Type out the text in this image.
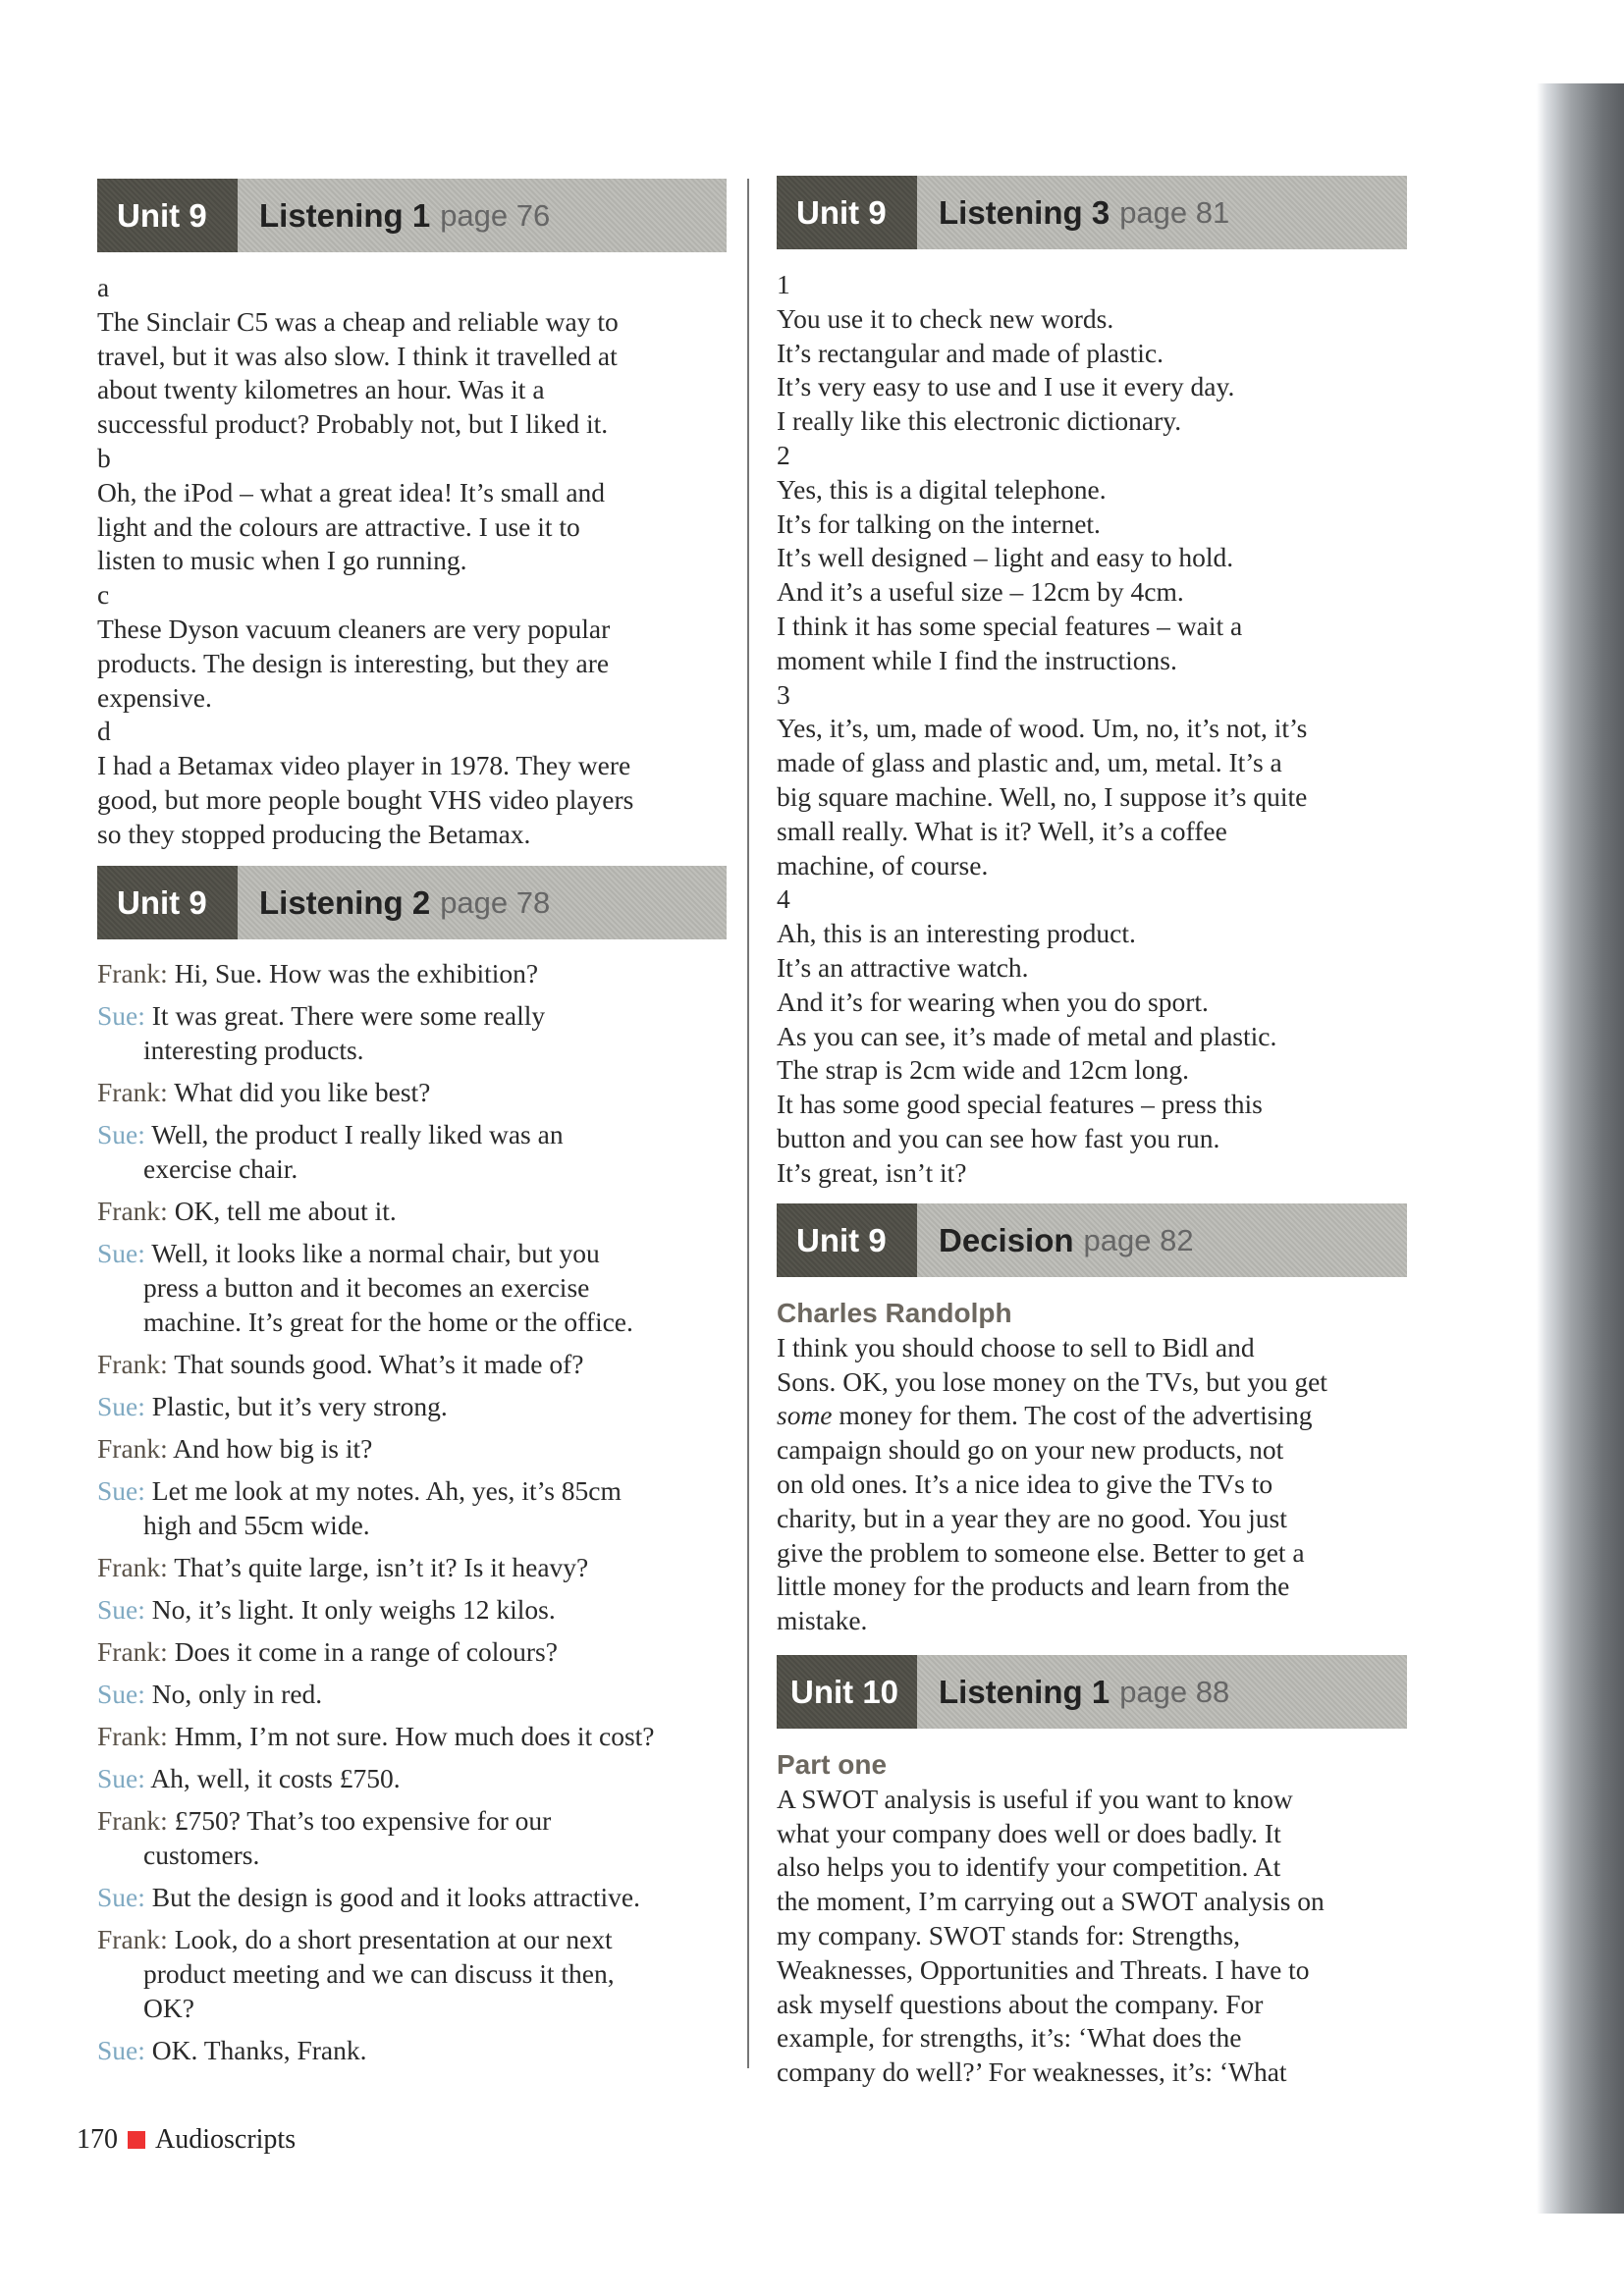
Unit 9	Listening 1 page 76
a
The Sinclair C5 was a cheap and reliable way to
travel, but it was also slow. I think it travelled at
about twenty kilometres an hour. Was it a
successful product? Probably not, but I liked it.
b
Oh, the iPod – what a great idea! It’s small and
light and the colours are attractive. I use it to
listen to music when I go running.
c
These Dyson vacuum cleaners are very popular
products. The design is interesting, but they are
expensive.
d
I had a Betamax video player in 1978. They were
good, but more people bought VHS video players
so they stopped producing the Betamax.
Unit 9	Listening 2 page 78
Frank: Hi, Sue. How was the exhibition?
Sue: It was great. There were some really
interesting products.
Frank: What did you like best?
Sue: Well, the product I really liked was an
exercise chair.
Frank: OK, tell me about it.
Sue: Well, it looks like a normal chair, but you
press a button and it becomes an exercise
machine. It’s great for the home or the office.
Frank: That sounds good. What’s it made of?
Sue: Plastic, but it’s very strong.
Frank: And how big is it?
Sue: Let me look at my notes. Ah, yes, it’s 85cm
high and 55cm wide.
Frank: That’s quite large, isn’t it? Is it heavy?
Sue: No, it’s light. It only weighs 12 kilos.
Frank: Does it come in a range of colours?
Sue: No, only in red.
Frank: Hmm, I’m not sure. How much does it cost?
Sue: Ah, well, it costs £750.
Frank: £750? That’s too expensive for our
customers.
Sue: But the design is good and it looks attractive.
Frank: Look, do a short presentation at our next
product meeting and we can discuss it then,
OK?
Sue: OK. Thanks, Frank.
Unit 9	Listening 3 page 81
1
You use it to check new words.
It’s rectangular and made of plastic.
It’s very easy to use and I use it every day.
I really like this electronic dictionary.
2
Yes, this is a digital telephone.
It’s for talking on the internet.
It’s well designed – light and easy to hold.
And it’s a useful size – 12cm by 4cm.
I think it has some special features – wait a
moment while I find the instructions.
3
Yes, it’s, um, made of wood. Um, no, it’s not, it’s
made of glass and plastic and, um, metal. It’s a
big square machine. Well, no, I suppose it’s quite
small really. What is it? Well, it’s a coffee
machine, of course.
4
Ah, this is an interesting product.
It’s an attractive watch.
And it’s for wearing when you do sport.
As you can see, it’s made of metal and plastic.
The strap is 2cm wide and 12cm long.
It has some good special features – press this
button and you can see how fast you run.
It’s great, isn’t it?
Unit 9	Decision page 82
Charles Randolph
I think you should choose to sell to Bidl and
Sons. OK, you lose money on the TVs, but you get
some money for them. The cost of the advertising
campaign should go on your new products, not
on old ones. It’s a nice idea to give the TVs to
charity, but in a year they are no good. You just
give the problem to someone else. Better to get a
little money for the products and learn from the
mistake.
Unit 10	Listening 1 page 88
Part one
A SWOT analysis is useful if you want to know
what your company does well or does badly. It
also helps you to identify your competition. At
the moment, I’m carrying out a SWOT analysis on
my company. SWOT stands for: Strengths,
Weaknesses, Opportunities and Threats. I have to
ask myself questions about the company. For
example, for strengths, it’s: ‘What does the
company do well?’ For weaknesses, it’s: ‘What
170 Audioscripts
